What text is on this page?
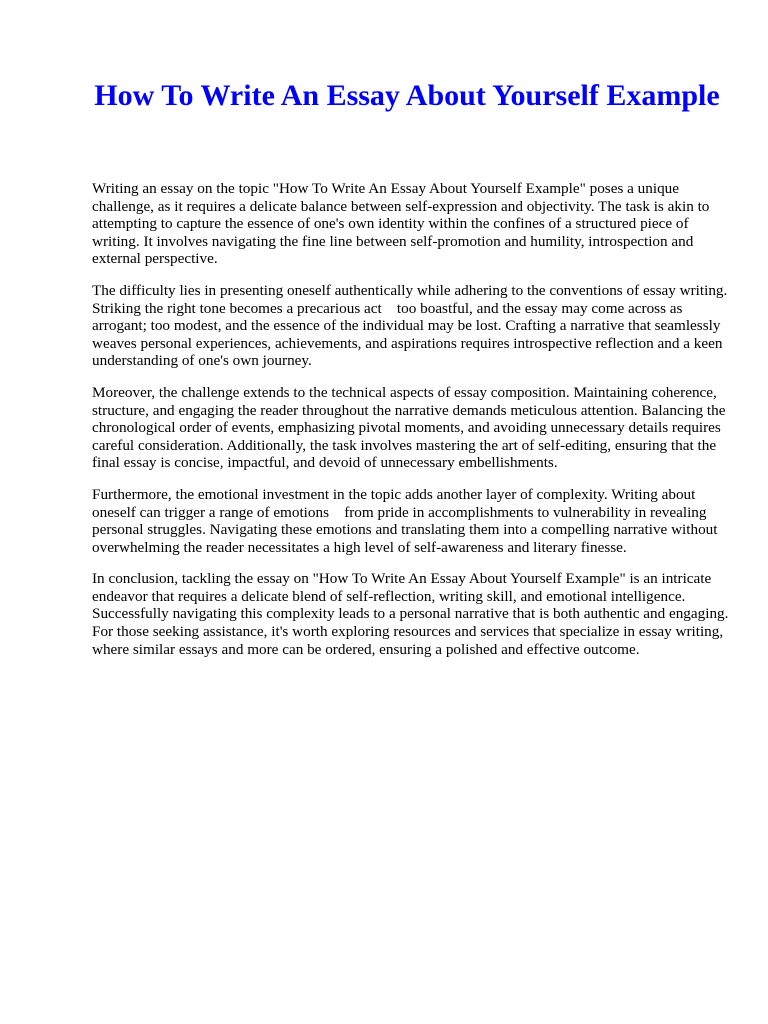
How To Write An Essay About Yourself Example

Writing an essay on the topic "How To Write An Essay About Yourself Example" poses a unique challenge, as it requires a delicate balance between self-expression and objectivity. The task is akin to attempting to capture the essence of one's own identity within the confines of a structured piece of writing. It involves navigating the fine line between self-promotion and humility, introspection and external perspective.

The difficulty lies in presenting oneself authentically while adhering to the conventions of essay writing. Striking the right tone becomes a precarious act    too boastful, and the essay may come across as arrogant; too modest, and the essence of the individual may be lost. Crafting a narrative that seamlessly weaves personal experiences, achievements, and aspirations requires introspective reflection and a keen understanding of one's own journey.

Moreover, the challenge extends to the technical aspects of essay composition. Maintaining coherence, structure, and engaging the reader throughout the narrative demands meticulous attention. Balancing the chronological order of events, emphasizing pivotal moments, and avoiding unnecessary details requires careful consideration. Additionally, the task involves mastering the art of self-editing, ensuring that the final essay is concise, impactful, and devoid of unnecessary embellishments.

Furthermore, the emotional investment in the topic adds another layer of complexity. Writing about oneself can trigger a range of emotions    from pride in accomplishments to vulnerability in revealing personal struggles. Navigating these emotions and translating them into a compelling narrative without overwhelming the reader necessitates a high level of self-awareness and literary finesse.

In conclusion, tackling the essay on "How To Write An Essay About Yourself Example" is an intricate endeavor that requires a delicate blend of self-reflection, writing skill, and emotional intelligence. Successfully navigating this complexity leads to a personal narrative that is both authentic and engaging. For those seeking assistance, it's worth exploring resources and services that specialize in essay writing, where similar essays and more can be ordered, ensuring a polished and effective outcome.
